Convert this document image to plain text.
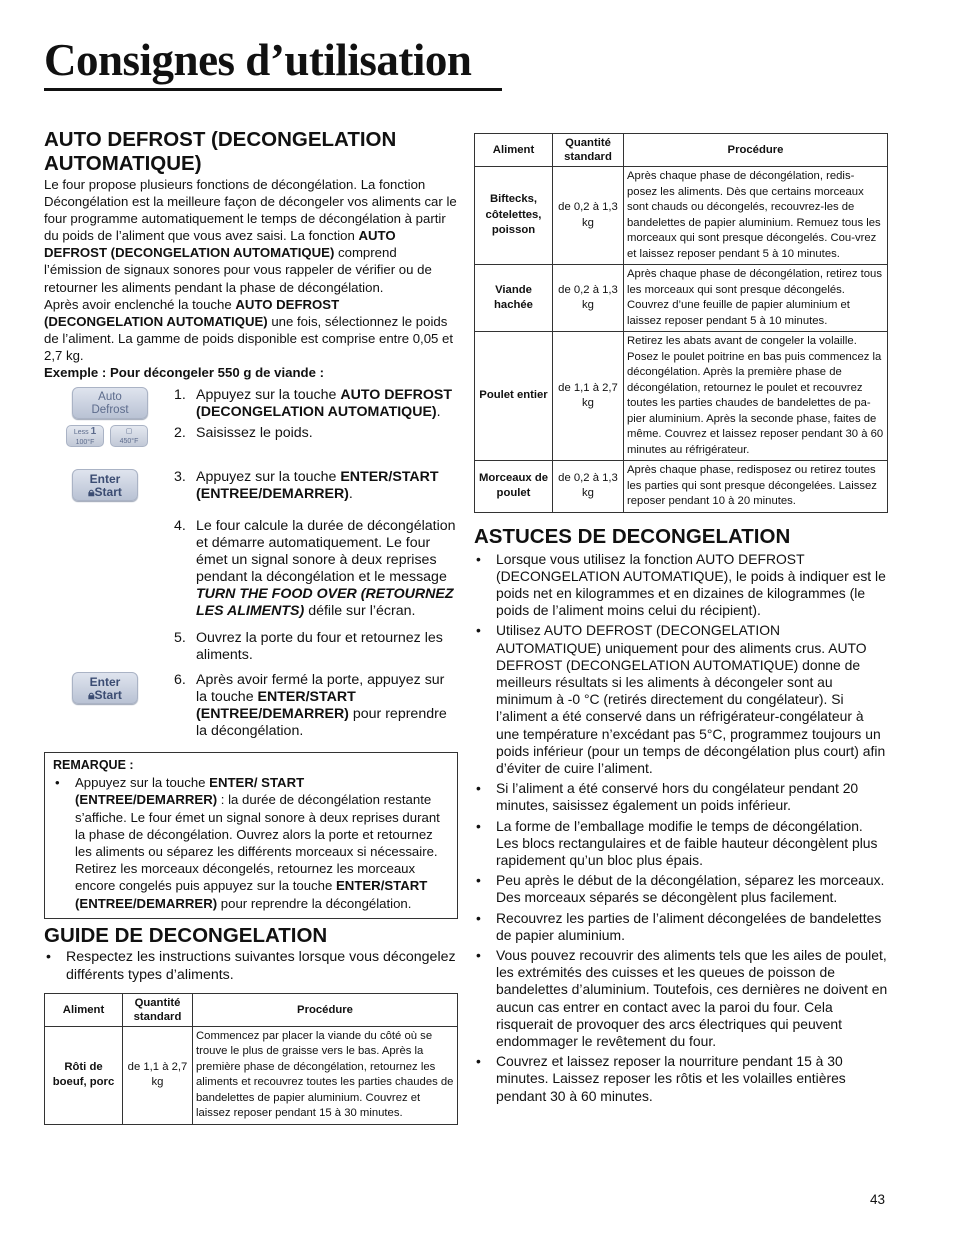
Consignes d’utilisation
AUTO DEFROST (DECONGELATION
AUTOMATIQUE)

Le four propose plusieurs fonctions de décongélation. La fonction Décongélation est la meilleure façon de décongeler vos aliments car le four programme automatiquement le temps de décongélation à partir du poids de l’aliment que vous avez saisi. La fonction AUTO DEFROST (DECONGELATION AUTOMATIQUE) comprend l’émission de signaux sonores pour vous rappeler de vérifier ou de retourner les aliments pendant la phase de décongélation.

Après avoir enclenché la touche AUTO DEFROST (DECONGELATION AUTOMATIQUE) une fois, sélectionnez le poids de l’aliment. La gamme de poids disponible est comprise entre 0,05 et 2,7 kg.

Exemple : Pour décongeler 550 g de viande :

Auto
Defrost
1. Appuyez sur la touche AUTO DEFROST (DECONGELATION AUTOMATIQUE).
Less 1
100°F
▢
450°F
2. Saisissez le poids.
Enter
🔒︎Start
3. Appuyez sur la touche ENTER/START (ENTREE/DEMARRER).
4. Le four calcule la durée de décongélation et démarre automatiquement. Le four émet un signal sonore à deux reprises pendant la décongélation et le message TURN THE FOOD OVER (RETOURNEZ LES ALIMENTS) défile sur l’écran.
5. Ouvrez la porte du four et retournez les aliments.
Enter
🔒︎Start
6. Après avoir fermé la porte, appuyez sur la touche ENTER/START (ENTREE/DEMARRER) pour reprendre la décongélation.
REMARQUE :
• Appuyez sur la touche ENTER/ START (ENTREE/DEMARRER) : la durée de décongélation restante s’affiche. Le four émet un signal sonore à deux reprises durant la phase de décongélation. Ouvrez alors la porte et retournez les aliments ou séparez les différents morceaux si nécessaire. Retirez les morceaux décongelés, retournez les morceaux encore congelés puis appuyez sur la touche ENTER/START (ENTREE/DEMARRER) pour reprendre la décongélation.
GUIDE DE DECONGELATION
• Respectez les instructions suivantes lorsque vous décongelez différents types d’aliments.
Aliment	Quantité standard	Procédure
Rôti de boeuf, porc	de 1,1 à 2,7 kg	Commencez par placer la viande du côté où se trouve le plus de graisse vers le bas. Après la première phase de décongélation, retournez les aliments et recouvrez toutes les parties chaudes de bandelettes de papier aluminium. Couvrez et laissez reposer pendant 15 à 30 minutes.
Aliment	Quantité standard	Procédure
Biftecks, côtelettes, poisson	de 0,2 à 1,3 kg	Après chaque phase de décongélation, redis-posez les aliments. Dès que certains morceaux sont chauds ou décongelés, recouvrez-les de bandelettes de papier aluminium. Remuez tous les morceaux qui sont presque décongelés. Cou-vrez et laissez reposer pendant 5 à 10 minutes.
Viande hachée	de 0,2 à 1,3 kg	Après chaque phase de décongélation, retirez tous les morceaux qui sont presque décongelés. Couvrez d’une feuille de papier aluminium et laissez reposer pendant 5 à 10 minutes.
Poulet entier	de 1,1 à 2,7 kg	Retirez les abats avant de congeler la volaille. Posez le poulet poitrine en bas puis commencez la décongélation. Après la première phase de décongélation, retournez le poulet et recouvrez toutes les parties chaudes de bandelettes de pa-pier aluminium. Après la seconde phase, faites de même. Couvrez et laissez reposer pendant 30 à 60 minutes au réfrigérateur.
Morceaux de poulet	de 0,2 à 1,3 kg	Après chaque phase, redisposez ou retirez toutes les parties qui sont presque décongelées. Laissez reposer pendant 10 à 20 minutes.
ASTUCES DE DECONGELATION
• Lorsque vous utilisez la fonction AUTO DEFROST (DECONGELATION AUTOMATIQUE), le poids à indiquer est le poids net en kilogrammes et en dizaines de kilogrammes (le poids de l’aliment moins celui du récipient).
• Utilisez AUTO DEFROST (DECONGELATION AUTOMATIQUE) uniquement pour des aliments crus. AUTO DEFROST (DECONGELATION AUTOMATIQUE) donne de meilleurs résultats si les aliments à décongeler sont au minimum à -0 °C (retirés directement du congélateur). Si l’aliment a été conservé dans un réfrigérateur-congélateur à une température n’excédant pas 5°C, programmez toujours un poids inférieur (pour un temps de décongélation plus court) afin d’éviter de cuire l’aliment.
• Si l’aliment a été conservé hors du congélateur pendant 20 minutes, saisissez également un poids inférieur.
• La forme de l’emballage modifie le temps de décongélation. Les blocs rectangulaires et de faible hauteur décongèlent plus rapidement qu’un bloc plus épais.
• Peu après le début de la décongélation, séparez les morceaux. Des morceaux séparés se décongèlent plus facilement.
• Recouvrez les parties de l’aliment décongelées de bandelettes de papier aluminium.
• Vous pouvez recouvrir des aliments tels que les ailes de poulet, les extrémités des cuisses et les queues de poisson de bandelettes d’aluminium. Toutefois, ces dernières ne doivent en aucun cas entrer en contact avec la paroi du four. Cela risquerait de provoquer des arcs électriques qui peuvent endommager le revêtement du four.
• Couvrez et laissez reposer la nourriture pendant 15 à 30 minutes. Laissez reposer les rôtis et les volailles entières pendant 30 à 60 minutes.
43
